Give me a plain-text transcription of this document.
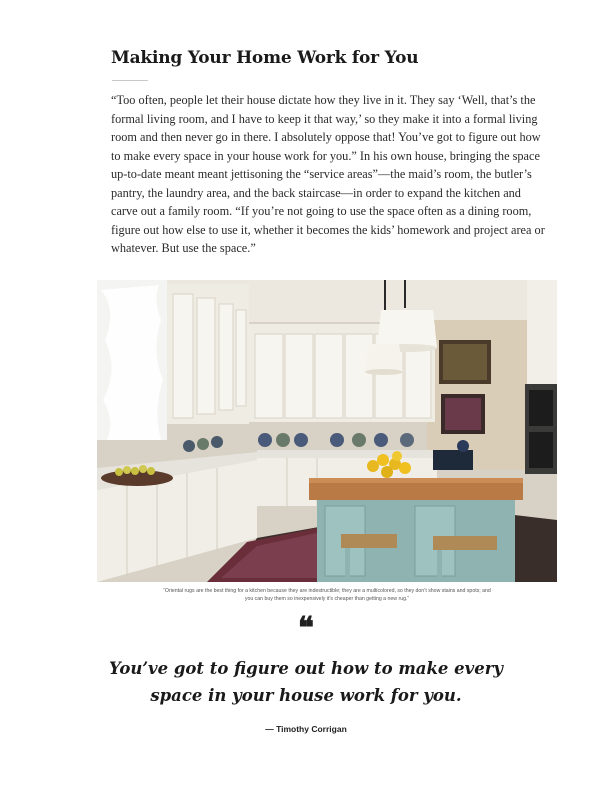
Making Your Home Work for You

“Too often, people let their house dictate how they live in it. They say ‘Well, that’s the formal living room, and I have to keep it that way,’ so they make it into a formal living room and then never go in there. I absolutely oppose that! You’ve got to figure out how to make every space in your house work for you.” In his own house, bringing the space up-to-date meant meant jettisoning the “service areas”—the maid’s room, the butler’s pantry, the laundry area, and the back staircase—in order to expand the kitchen and carve out a family room. “If you’re not going to use the space often as a dining room, figure out how else to use it, whether it becomes the kids’ homework and project area or whatever. But use the space.”

“Oriental rugs are the best thing for a kitchen because they are indestructible; they are a multicolored, so they don’t show stains and spots; and you can buy them so inexpensively it’s cheaper than getting a new rug.”

❝

You’ve got to figure out how to make every space in your house work for you.

— Timothy Corrigan
